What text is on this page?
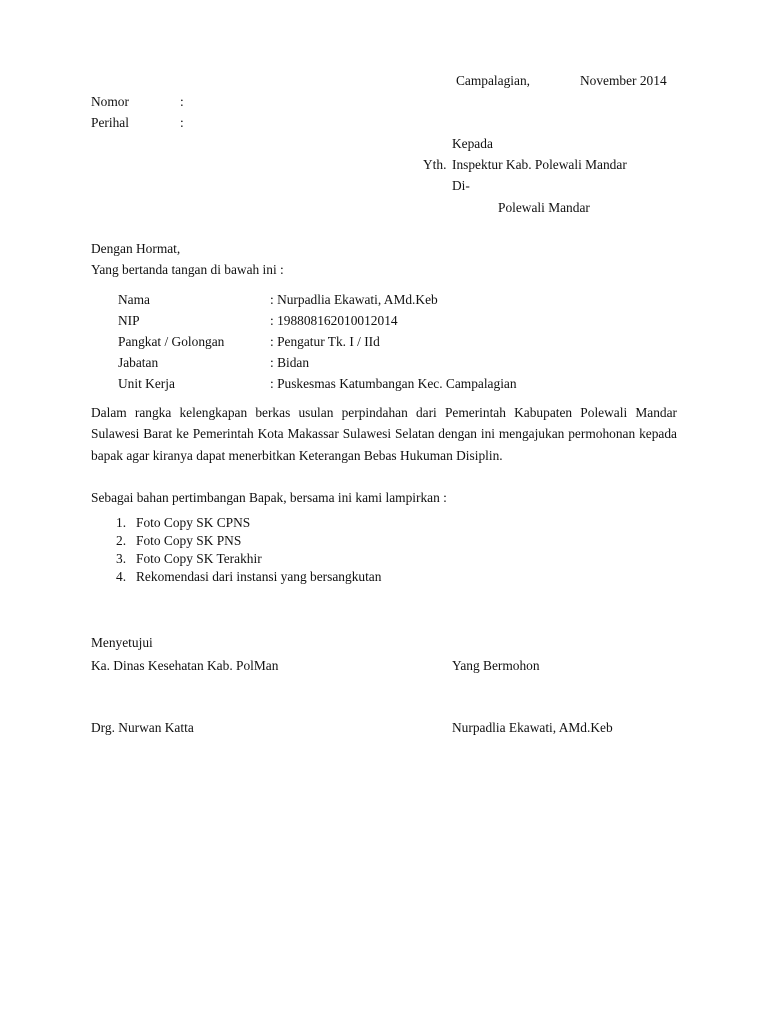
Campalagian,	November 2014
Nomor	:
Perihal	:
Kepada
Yth. Inspektur Kab. Polewali Mandar
Di-
Polewali Mandar
Dengan Hormat,
Yang bertanda tangan di bawah ini :
Nama	: Nurpadlia Ekawati, AMd.Keb
NIP	: 198808162010012014
Pangkat / Golongan	: Pengatur Tk. I / IId
Jabatan	: Bidan
Unit Kerja	: Puskesmas Katumbangan Kec. Campalagian

Dalam rangka kelengkapan berkas usulan perpindahan dari Pemerintah Kabupaten Polewali Mandar Sulawesi Barat ke Pemerintah Kota Makassar Sulawesi Selatan dengan ini mengajukan permohonan kepada bapak agar kiranya dapat menerbitkan Keterangan Bebas Hukuman Disiplin.

Sebagai bahan pertimbangan Bapak, bersama ini kami lampirkan :
1. Foto Copy SK CPNS
2. Foto Copy SK PNS
3. Foto Copy SK Terakhir
4. Rekomendasi dari instansi yang bersangkutan
Menyetujui
Ka. Dinas Kesehatan Kab. PolMan	Yang Bermohon
Drg. Nurwan Katta	Nurpadlia Ekawati, AMd.Keb
